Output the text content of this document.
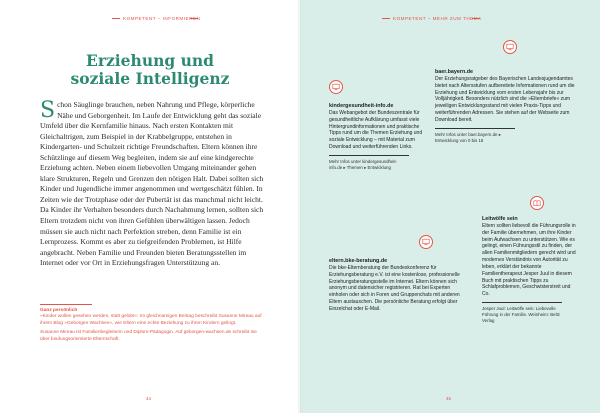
KOMPETENT – INFORMIEREN
Erziehung und
soziale Intelligenz
Schon Säuglinge brauchen, neben Nahrung und Pflege, körperliche Nähe und Geborgenheit. Im Laufe der Entwicklung geht das soziale Umfeld über die Kernfamilie hinaus. Nach ersten Kontakten mit Gleichaltrigen, zum Beispiel in der Krabbelgruppe, entstehen in Kindergarten- und Schulzeit richtige Freundschaften. Eltern können ihre Schützlinge auf diesem Weg begleiten, indem sie auf eine kindgerechte Erziehung achten. Neben einem liebevollen Umgang miteinander gehen klare Strukturen, Regeln und Grenzen den nötigen Halt. Dabei sollten sich Kinder und Jugendliche immer angenommen und wertgeschätzt fühlen. In Zeiten wie der Trotzphase oder der Pubertät ist das manchmal nicht leicht. Da Kinder ihr Verhalten besonders durch Nachahmung lernen, sollten sich Eltern trotzdem nicht von ihren Gefühlen überwältigen lassen. Jedoch müssen sie auch nicht nach Perfektion streben, denn Familie ist ein Lernprozess. Kommt es aber zu tiefgreifenden Problemen, ist Hilfe angebracht. Neben Familie und Freunden bieten Beratungsstellen im Internet oder vor Ort in Erziehungsfragen Unterstützung an.
Ganz persönlich
»Kinder wollen gesehen werden, statt gelobt«: Im gleichnamigen Beitrag beschreibt Susanne Mireau auf ihrem Blog »Geborgen Wachsen«, wie Eltern eine echte Beziehung zu ihren Kindern gelingt.
Susanne Mireau ist Familienbegleiterin und Diplom-Pädagogin. Auf geborgen-wachsen.de schreibt sie über bindungsorientierte Elternschaft.
44
KOMPETENT – MEHR ZUM THEMA
kindergesundheit-info.de
Das Webangebot der Bundeszentrale für gesundheitliche Aufklärung umfasst viele Hintergrundinformationen und praktische Tipps rund um die Themen Erziehung und soziale Entwicklung – mit Material zum Download und weiterführenden Links.
Mehr Infos unter kindergesundheit-info.de ▸ Themen ▸ Entwicklung
baer.bayern.de
Der Erziehungsratgeber des Bayerischen Landesjugendamtes bietet nach Altersstufen aufbereitete Informationen rund um die Erziehung und Entwicklung vom ersten Lebensjahr bis zur Volljährigkeit. Besonders nützlich sind die »Elternbriefe« zum jeweiligen Entwicklungsstand mit vielen Praxis-Tipps und weiterführenden Adressen. Sie stehen auf der Webseite zum Download bereit.
Mehr Infos unter baer.bayern.de ▸ Entwicklung von 0 bis 18
eltern.bke-beratung.de
Die bke-Elternberatung der Bundeskonferenz für Erziehungsberatung e.V. ist eine kostenlose, professionelle Erziehungsberatungsstelle im Internet. Eltern können sich anonym und datensicher registrieren. Rat bei Experten einholen oder sich in Foren und Gruppenchats mit anderen Eltern austauschen. Die persönliche Beratung erfolgt über Einzelchat oder E-Mail.
Leitwölfe sein
Eltern sollten liebevoll die Führungsrolle in der Familie übernehmen, um ihre Kinder beim Aufwachsen zu unterstützen. Wie es gelingt, einen Führungsstil zu finden, der allen Familienmitgliedern gerecht wird und modernes Verständnis von Autorität zu leben, erklärt der bekannte Familientherapeut Jesper Juul in diesem Buch mit praktischen Tipps zu Schlafproblemen, Geschwisterstreit und Co.
Jesper Juul: Leitwölfe sein: Liebevolle Führung in der Familie. Weinheim: Beltz Verlag
45
